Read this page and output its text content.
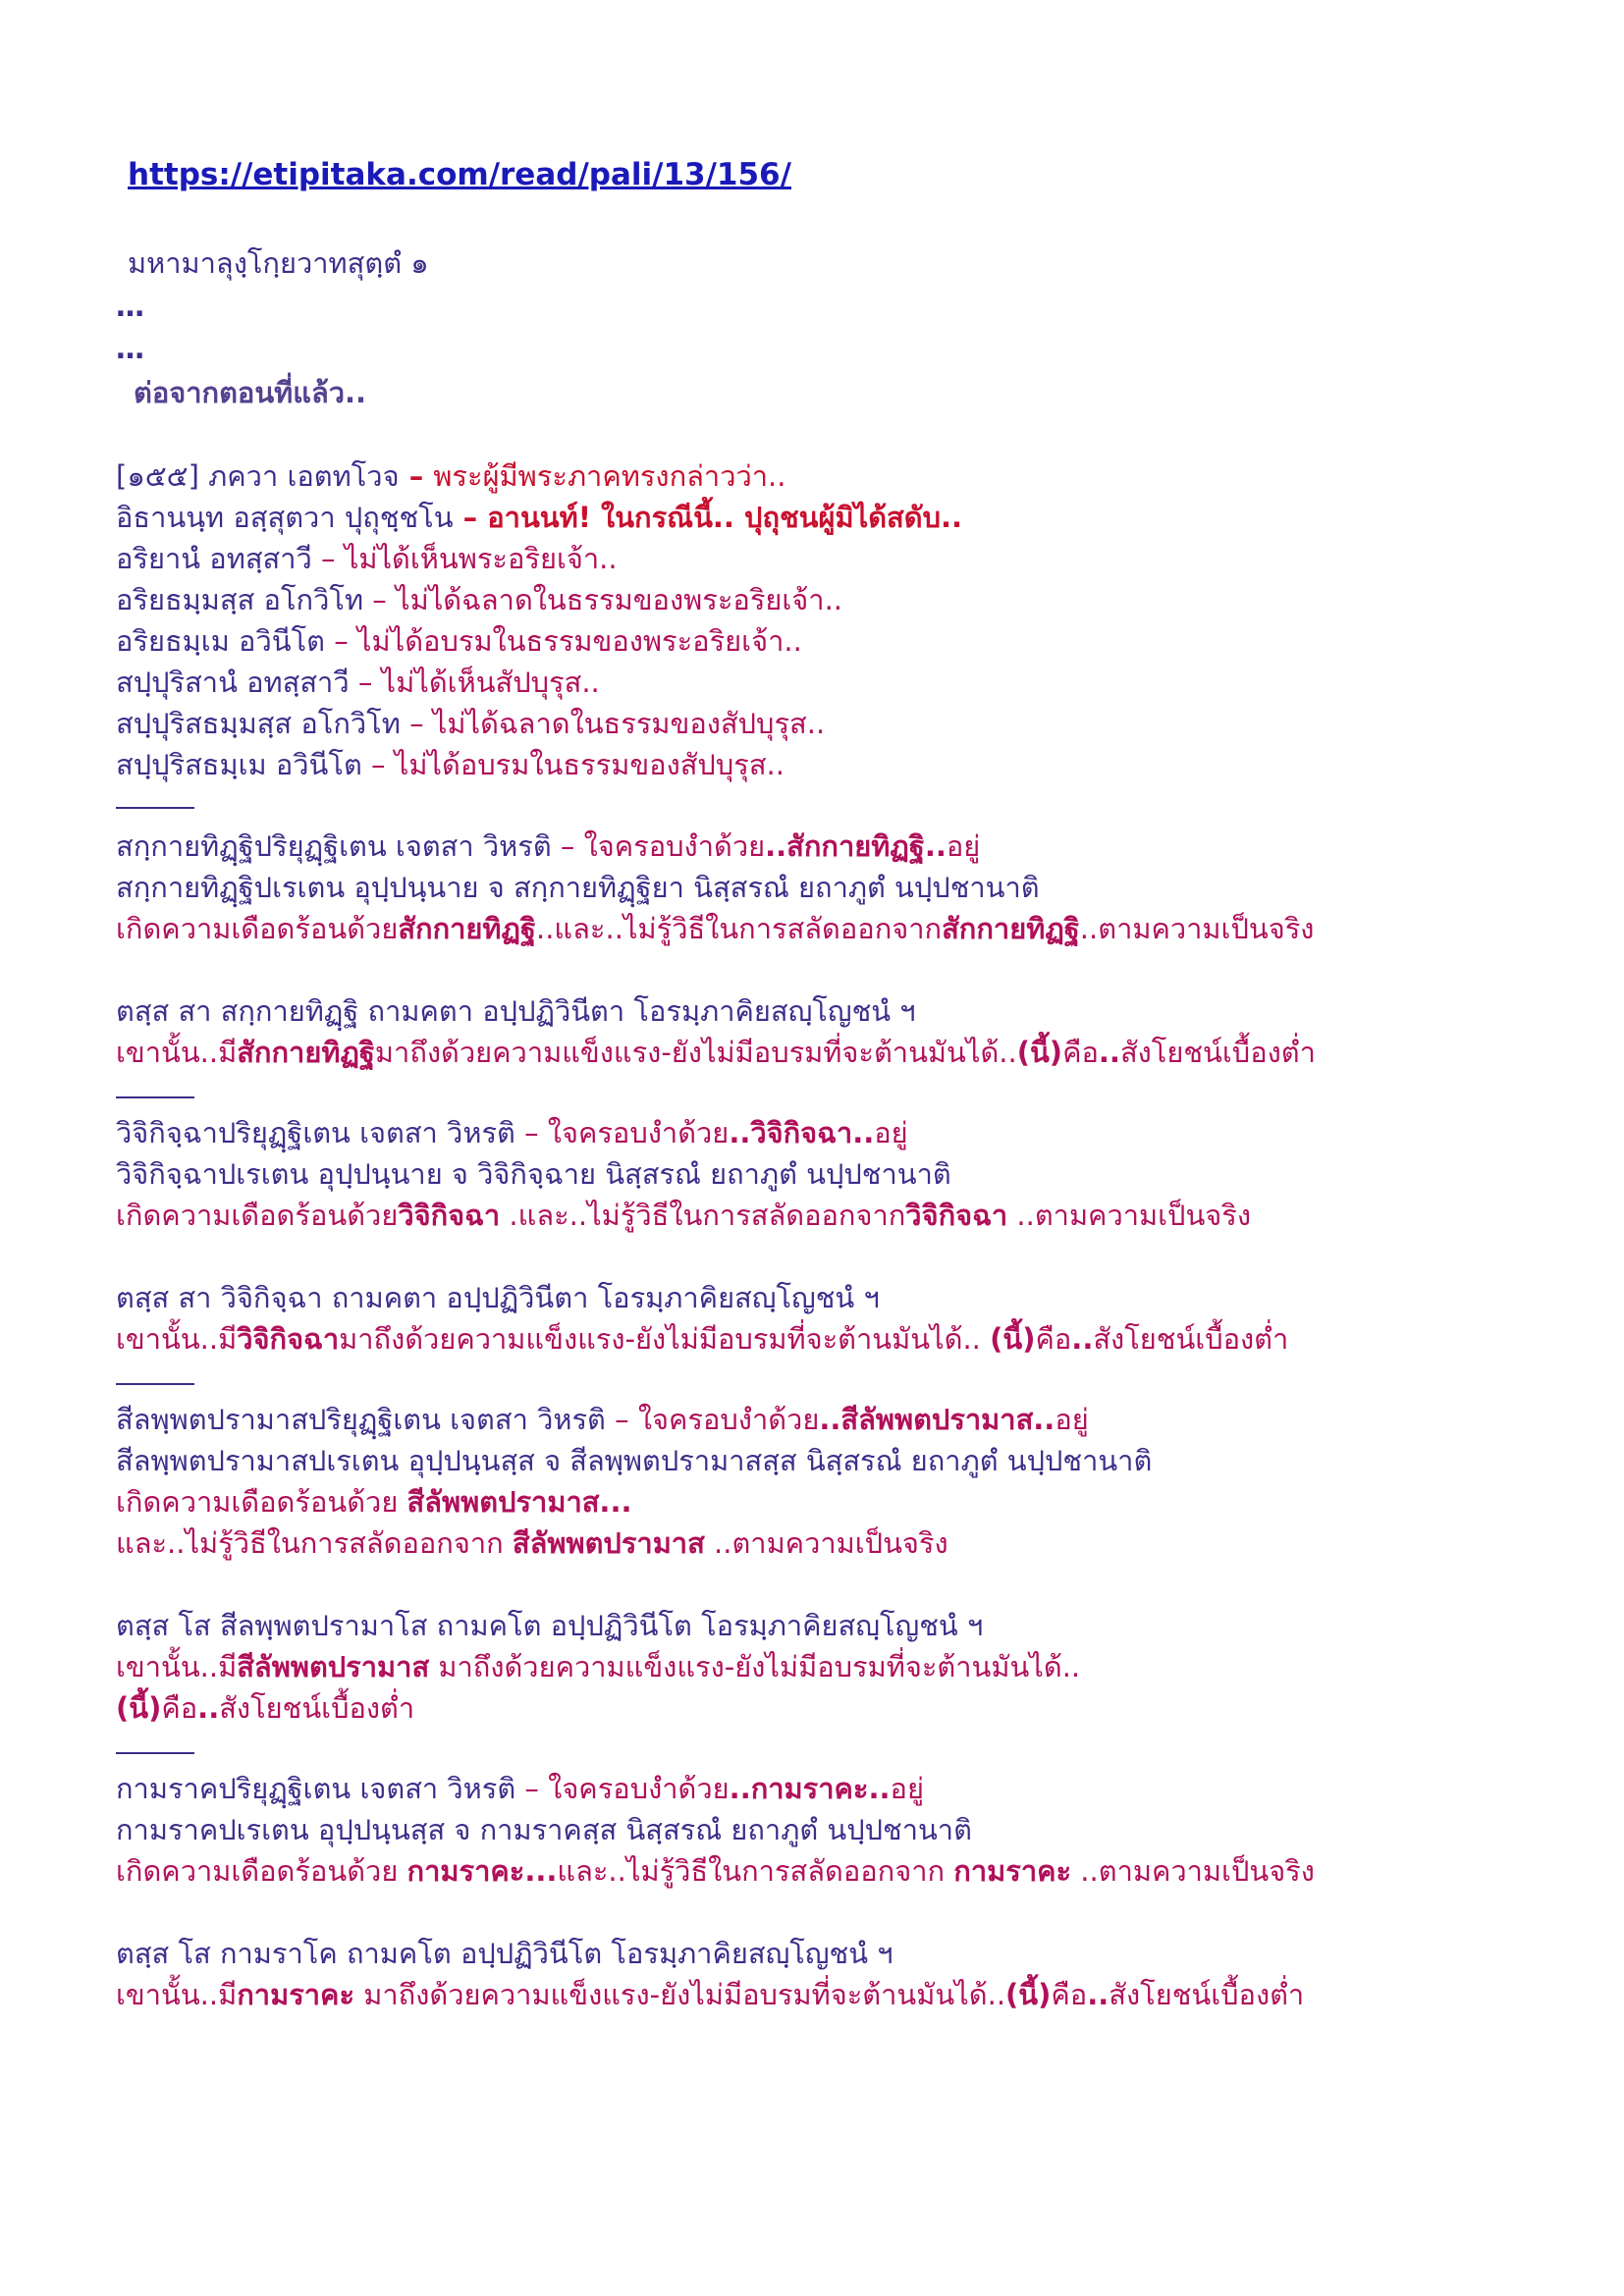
https://etipitaka.com/read/pali/13/156/
มหามาลุงฺโกฺยวาทสุตฺตํ ๑
…
…
ต่อจากตอนที่แล้ว..
[๑๕๕] ภควา เอตทโวจ – พระผู้มีพระภาคทรงกล่าวว่า..
อิธานนฺท อสฺสุตวา ปุถุชฺชโน – อานนท์! ในกรณีนี้.. ปุถุชนผู้มิได้สดับ..
อริยานํ อทสฺสาวี – ไม่ได้เห็นพระอริยเจ้า..
อริยธมฺมสฺส อโกวิโท – ไม่ได้ฉลาดในธรรมของพระอริยเจ้า..
อริยธมฺเม อวินีโต – ไม่ได้อบรมในธรรมของพระอริยเจ้า..
สปฺปุริสานํ อทสฺสาวี – ไม่ได้เห็นสัปบุรุส..
สปฺปุริสธมฺมสฺส อโกวิโท – ไม่ได้ฉลาดในธรรมของสัปบุรุส..
สปฺปุริสธมฺเม อวินีโต – ไม่ได้อบรมในธรรมของสัปบุรุส..
สกฺกายทิฏฺฐิปริยุฏฺฐิเตน เจตสา วิหรติ – ใจครอบงำด้วย..สักกายทิฏฐิ..อยู่
สกฺกายทิฏฺฐิปเรเตน อุปฺปนฺนาย จ สกฺกายทิฏฺฐิยา นิสฺสรณํ ยถาภูตํ นปฺปชานาติ
เกิดความเดือดร้อนด้วยสักกายทิฏฐิ..และ..ไม่รู้วิธีในการสลัดออกจากสักกายทิฏฐิ..ตามความเป็นจริง
ตสฺส สา สกฺกายทิฏฺฐิ ถามคตา อปฺปฏิวินีตา โอรมฺภาคิยสญฺโญชนํ ฯ
เขานั้น..มีสักกายทิฏฐิมาถึงด้วยความแข็งแรง-ยังไม่มีอบรมที่จะต้านมันได้..(นี้)คือ..สังโยชน์เบื้องต่ำ
วิจิกิจฺฉาปริยุฏฺฐิเตน เจตสา วิหรติ – ใจครอบงำด้วย..วิจิกิจฉา..อยู่
วิจิกิจฺฉาปเรเตน อุปฺปนฺนาย จ วิจิกิจฺฉาย นิสฺสรณํ ยถาภูตํ นปฺปชานาติ
เกิดความเดือดร้อนด้วยวิจิกิจฉา .และ..ไม่รู้วิธีในการสลัดออกจากวิจิกิจฉา ..ตามความเป็นจริง
ตสฺส สา วิจิกิจฺฉา ถามคตา อปฺปฏิวินีตา โอรมฺภาคิยสญฺโญชนํ ฯ
เขานั้น..มีวิจิกิจฉามาถึงด้วยความแข็งแรง-ยังไม่มีอบรมที่จะต้านมันได้.. (นี้)คือ..สังโยชน์เบื้องต่ำ
สีลพฺพตปรามาสปริยุฏฺฐิเตน เจตสา วิหรติ – ใจครอบงำด้วย..สีลัพพตปรามาส..อยู่
สีลพฺพตปรามาสปเรเตน อุปฺปนฺนสฺส จ สีลพฺพตปรามาสสฺส นิสฺสรณํ ยถาภูตํ นปฺปชานาติ
เกิดความเดือดร้อนด้วย สีลัพพตปรามาส...
และ..ไม่รู้วิธีในการสลัดออกจาก สีลัพพตปรามาส ..ตามความเป็นจริง
ตสฺส โส สีลพฺพตปรามาโส ถามคโต อปฺปฏิวินีโต โอรมฺภาคิยสญฺโญชนํ ฯ
เขานั้น..มีสีลัพพตปรามาส มาถึงด้วยความแข็งแรง-ยังไม่มีอบรมที่จะต้านมันได้..
(นี้)คือ..สังโยชน์เบื้องต่ำ
กามราคปริยุฏฺฐิเตน เจตสา วิหรติ – ใจครอบงำด้วย..กามราคะ..อยู่
กามราคปเรเตน อุปฺปนฺนสฺส จ กามราคสฺส นิสฺสรณํ ยถาภูตํ นปฺปชานาติ
เกิดความเดือดร้อนด้วย กามราคะ...และ..ไม่รู้วิธีในการสลัดออกจาก กามราคะ ..ตามความเป็นจริง
ตสฺส โส กามราโค ถามคโต อปฺปฏิวินีโต โอรมฺภาคิยสญฺโญชนํ ฯ
เขานั้น..มีกามราคะ มาถึงด้วยความแข็งแรง-ยังไม่มีอบรมที่จะต้านมันได้..(นี้)คือ..สังโยชน์เบื้องต่ำ
